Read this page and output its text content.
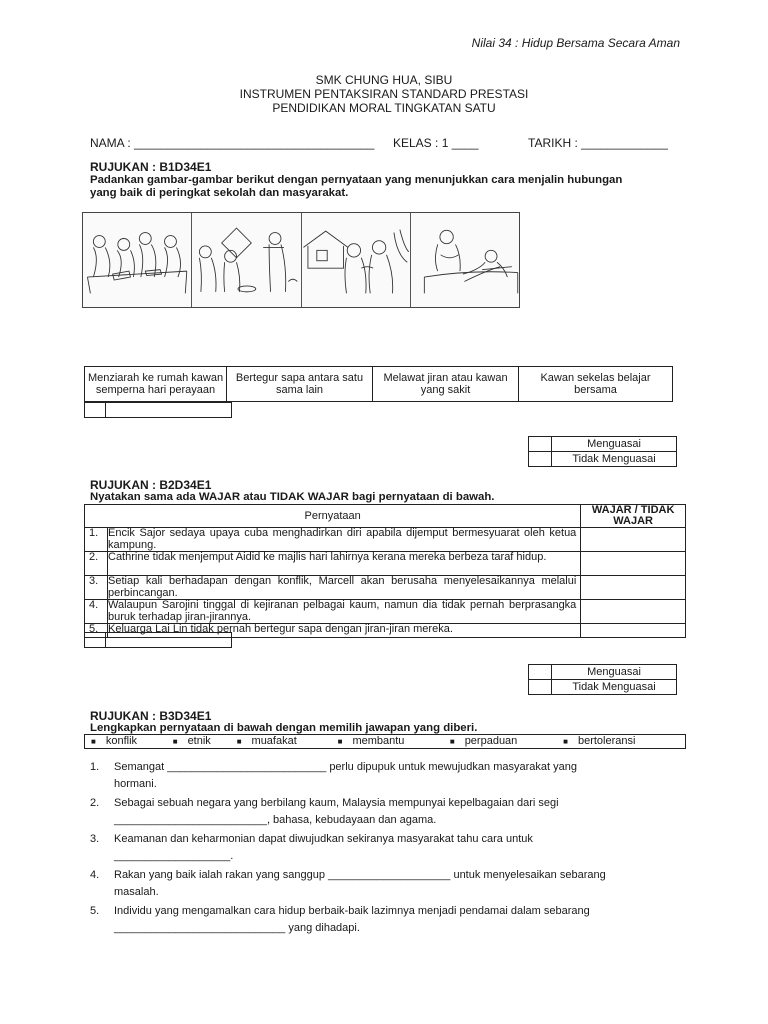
Nilai 34 : Hidup Bersama Secara Aman
SMK CHUNG HUA, SIBU
INSTRUMEN PENTAKSIRAN STANDARD PRESTASI
PENDIDIKAN MORAL TINGKATAN SATU
NAMA : ____________________________________ KELAS : 1 ____	TARIKH : _____________
RUJUKAN : B1D34E1
Padankan gambar-gambar berikut dengan pernyataan yang menunjukkan cara menjalin hubungan
yang baik di peringkat sekolah dan masyarakat.
Menziarah ke rumah kawan semperna hari perayaan	Bertegur sapa antara satu sama lain	Melawat jiran atau kawan yang sakit	Kawan sekelas belajar bersama

	Menguasai
	Tidak Menguasai
RUJUKAN : B2D34E1
Nyatakan sama ada WAJAR atau TIDAK WAJAR bagi pernyataan di bawah.
Pernyataan		WAJAR / TIDAK WAJAR
1.	Encik Sajor sedaya upaya cuba menghadirkan diri apabila dijemput bermesyuarat oleh ketua kampung.	
2.	Cathrine tidak menjemput Aidid ke majlis hari lahirnya kerana mereka berbeza taraf hidup.	
3.	Setiap kali berhadapan dengan konflik, Marcell akan berusaha menyelesaikannya melalui perbincangan.	
4.	Walaupun Sarojini tinggal di kejiranan pelbagai kaum, namun dia tidak pernah berprasangka buruk terhadap jiran-jirannya.	
5.	Keluarga Lai Lin tidak pernah bertegur sapa dengan jiran-jiran mereka.	

	Menguasai
	Tidak Menguasai
RUJUKAN : B3D34E1
Lengkapkan pernyataan di bawah dengan memilih jawapan yang diberi.
■ konflik	■ etnik	■ muafakat	■ membantu	■ perpaduan	■ bertoleransi
1. Semangat __________________________ perlu dipupuk untuk mewujudkan masyarakat yang
hormani.
2. Sebagai sebuah negara yang berbilang kaum, Malaysia mempunyai kepelbagaian dari segi
_________________________, bahasa, kebudayaan dan agama.
3. Keamanan dan keharmonian dapat diwujudkan sekiranya masyarakat tahu cara untuk
___________________.
4. Rakan yang baik ialah rakan yang sanggup ____________________ untuk menyelesaikan sebarang
masalah.
5. Individu yang mengamalkan cara hidup berbaik-baik lazimnya menjadi pendamai dalam sebarang
____________________________ yang dihadapi.
